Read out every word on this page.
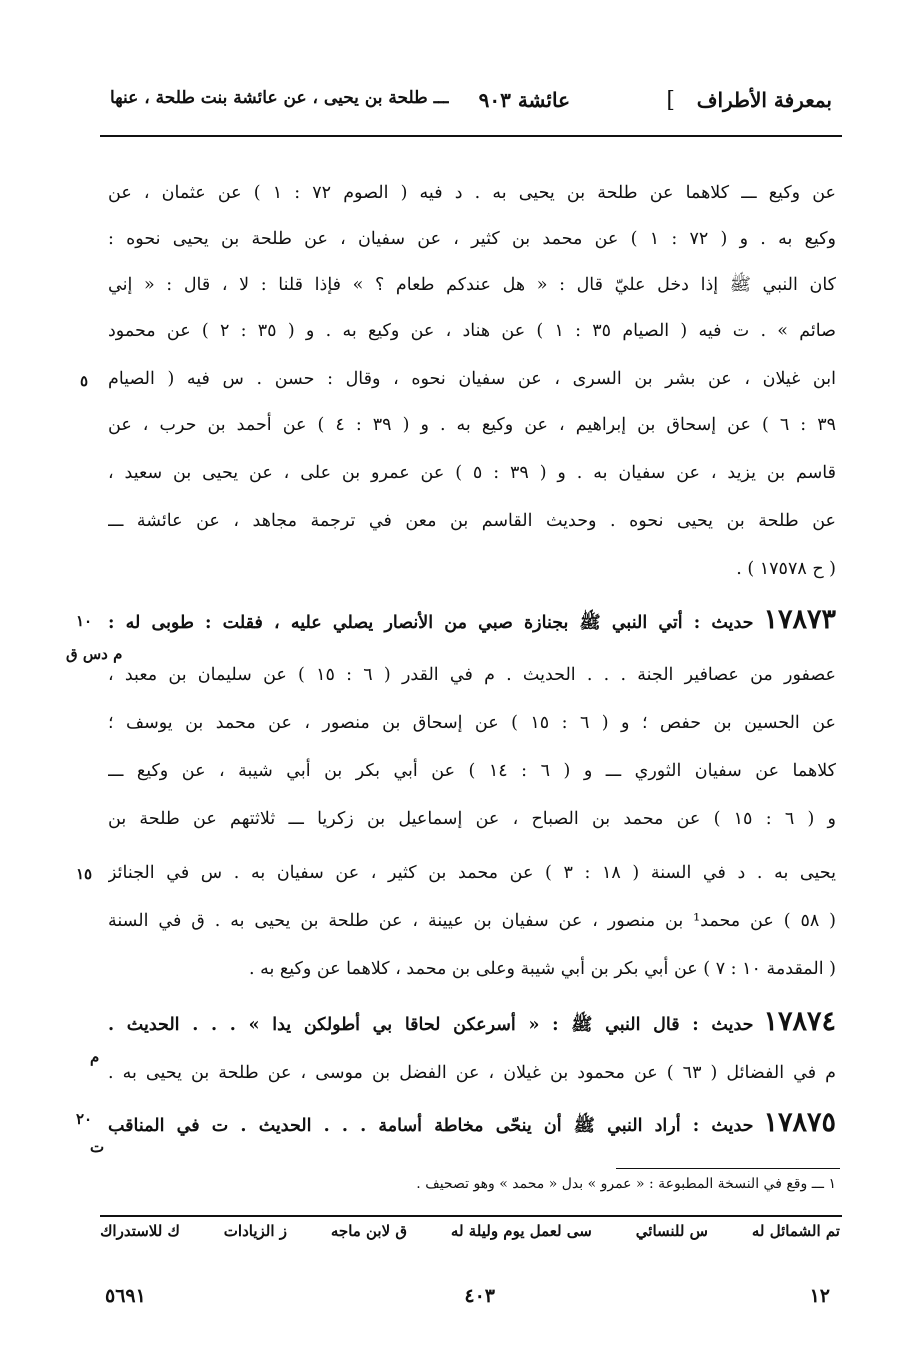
بمعرفة الأطراف
]
عائشة ٩٠٣
ـــ طلحة بن يحيى ، عن عائشة بنت طلحة ، عنها
عن وكيع ـــ كلاهما عن طلحة بن يحيى به . د فيه ( الصوم ٧٢ : ١ ) عن عثمان ، عن
وكيع به . و ( ٧٢ : ١ ) عن محمد بن كثير ، عن سفيان ، عن طلحة بن يحيى نحوه :
كان النبي ﷺ إذا دخل عليّ قال : « هل عندكم طعام ؟ » فإذا قلنا : لا ، قال : « إني
صائم » . ت فيه ( الصيام ٣٥ : ١ ) عن هناد ، عن وكيع به . و ( ٣٥ : ٢ ) عن محمود
ابن غيلان ، عن بشر بن السرى ، عن سفيان نحوه ، وقال : حسن . س فيه ( الصيام
٣٩ : ٦ ) عن إسحاق بن إبراهيم ، عن وكيع به . و ( ٣٩ : ٤ ) عن أحمد بن حرب ، عن
قاسم بن يزيد ، عن سفيان به . و ( ٣٩ : ٥ ) عن عمرو بن على ، عن يحيى بن سعيد ،
عن طلحة بن يحيى نحوه . وحديث القاسم بن معن في ترجمة مجاهد ، عن عائشة ـــ
( ح ١٧٥٧٨ ) .
١٧٨٧٣حديث : أتي النبي ﷺ بجنازة صبي من الأنصار يصلي عليه ، فقلت : طوبى له :
عصفور من عصافير الجنة . . . الحديث . م في القدر ( ٦ : ١٥ ) عن سليمان بن معبد ،
عن الحسين بن حفص ؛ و ( ٦ : ١٥ ) عن إسحاق بن منصور ، عن محمد بن يوسف ؛
كلاهما عن سفيان الثوري ـــ و ( ٦ : ١٤ ) عن أبي بكر بن أبي شيبة ، عن وكيع ـــ
و ( ٦ : ١٥ ) عن محمد بن الصباح ، عن إسماعيل بن زكريا ـــ ثلاثتهم عن طلحة بن
يحيى به . د في السنة ( ١٨ : ٣ ) عن محمد بن كثير ، عن سفيان به . س في الجنائز
( ٥٨ ) عن محمد¹ بن منصور ، عن سفيان بن عيينة ، عن طلحة بن يحيى به . ق في السنة
( المقدمة ١٠ : ٧ ) عن أبي بكر بن أبي شيبة وعلى بن محمد ، كلاهما عن وكيع به .
١٧٨٧٤حديث : قال النبي ﷺ : « أسرعكن لحاقا بي أطولكن يدا » . . . الحديث .
م في الفضائل ( ٦٣ ) عن محمود بن غيلان ، عن الفضل بن موسى ، عن طلحة بن يحيى به .
١٧٨٧٥حديث : أراد النبي ﷺ أن ينحّى مخاطة أسامة . . . الحديث . ت في المناقب
٥
١٠
م دس ق
١٥
م
٢٠
ت
١ ـــ وقع في النسخة المطبوعة : « عمرو » بدل « محمد » وهو تصحيف .
تم الشمائل له
س للنسائي
سى لعمل يوم وليلة له
ق لابن ماجه
ز الزيادات
ك للاستدراك
١٢
٤٠٣
٥٦٩١
